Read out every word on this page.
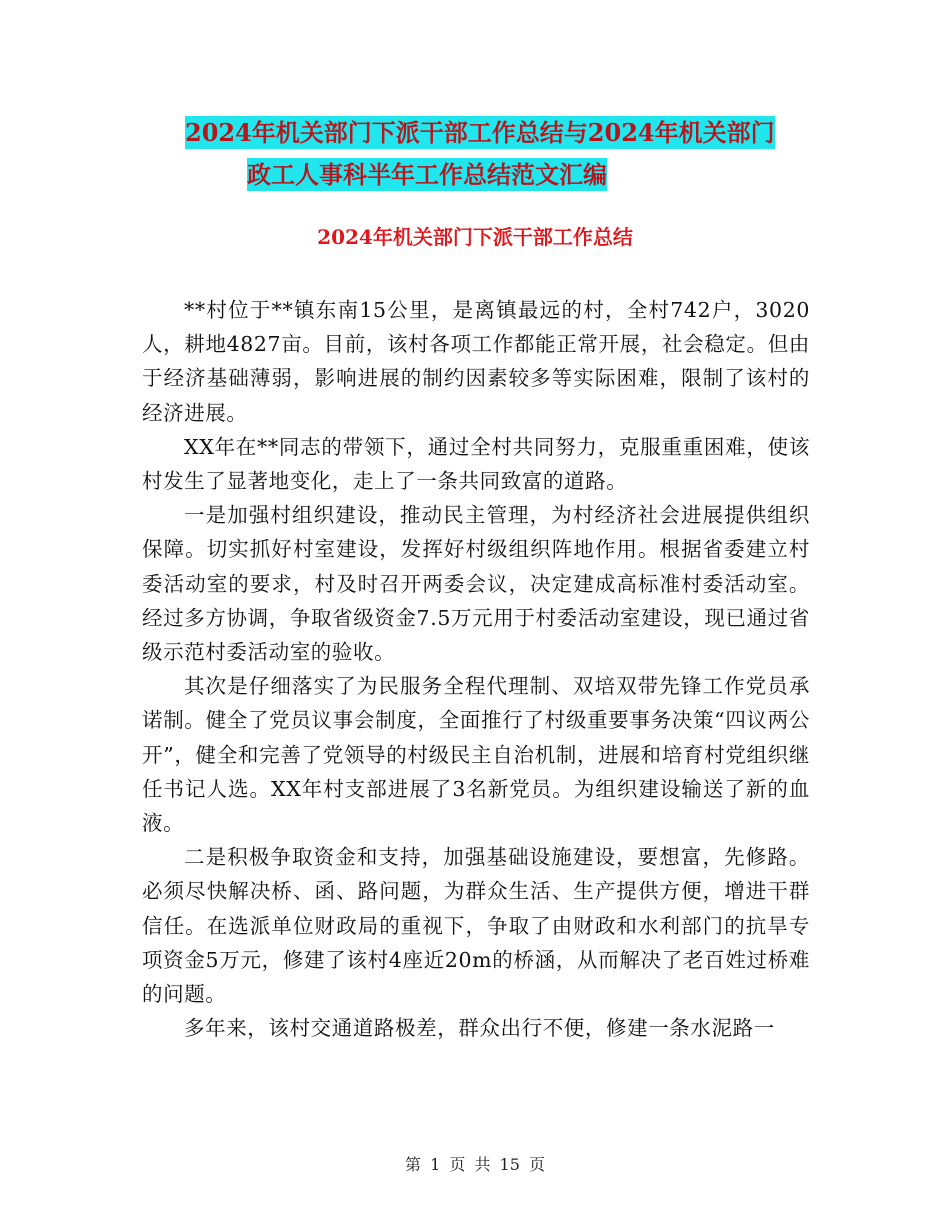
2024年机关部门下派干部工作总结与2024年机关部门
政工人事科半年工作总结范文汇编
2024年机关部门下派干部工作总结

**村位于**镇东南15公里，是离镇最远的村，全村742户，3020人，耕地4827亩。目前，该村各项工作都能正常开展，社会稳定。但由于经济基础薄弱，影响进展的制约因素较多等实际困难，限制了该村的经济进展。

XX年在**同志的带领下，通过全村共同努力，克服重重困难，使该村发生了显著地变化，走上了一条共同致富的道路。

一是加强村组织建设，推动民主管理，为村经济社会进展提供组织保障。切实抓好村室建设，发挥好村级组织阵地作用。根据省委建立村委活动室的要求，村及时召开两委会议，决定建成高标准村委活动室。经过多方协调，争取省级资金7.5万元用于村委活动室建设，现已通过省级示范村委活动室的验收。

其次是仔细落实了为民服务全程代理制、双培双带先锋工作党员承诺制。健全了党员议事会制度，全面推行了村级重要事务决策“四议两公开”，健全和完善了党领导的村级民主自治机制，进展和培育村党组织继任书记人选。XX年村支部进展了3名新党员。为组织建设输送了新的血液。

二是积极争取资金和支持，加强基础设施建设，要想富，先修路。必须尽快解决桥、函、路问题，为群众生活、生产提供方便，增进干群信任。在选派单位财政局的重视下，争取了由财政和水利部门的抗旱专项资金5万元，修建了该村4座近20m的桥涵，从而解决了老百姓过桥难的问题。

多年来，该村交通道路极差，群众出行不便，修建一条水泥路一

第 1 页 共 15 页
